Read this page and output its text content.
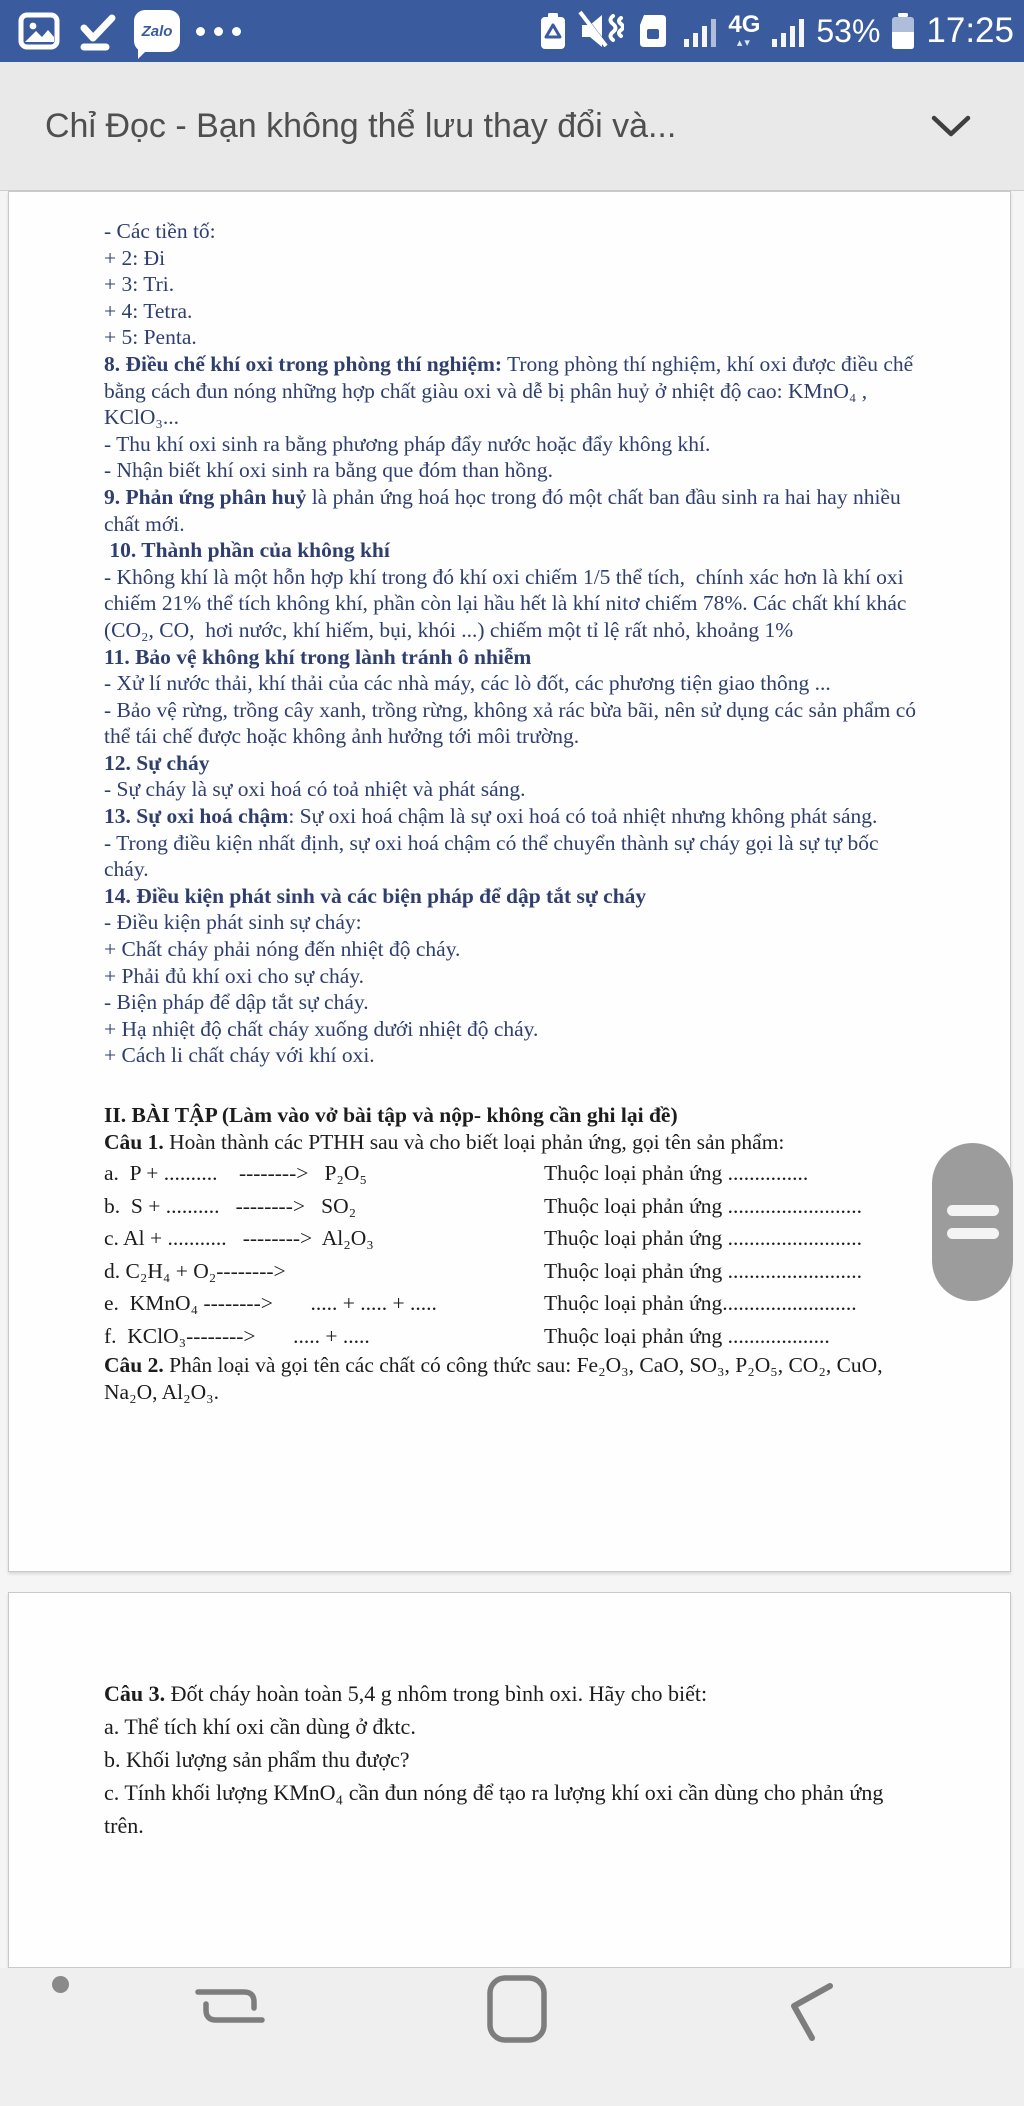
Zalo	4G
▴▾ 53% 17:25
Chỉ Đọc - Bạn không thể lưu thay đổi và...

- Các tiền tố:

+ 2: Đi

+ 3: Tri.

+ 4: Tetra.

+ 5: Penta.

8. Điều chế khí oxi trong phòng thí nghiệm: Trong phòng thí nghiệm, khí oxi được điều chế bằng cách đun nóng những hợp chất giàu oxi và dễ bị phân huỷ ở nhiệt độ cao: KMnO₄ , KClO₃...

- Thu khí oxi sinh ra bằng phương pháp đẩy nước hoặc đẩy không khí.

- Nhận biết khí oxi sinh ra bằng que đóm than hồng.

9. Phản ứng phân huỷ là phản ứng hoá học trong đó một chất ban đầu sinh ra hai hay nhiều chất mới.

10. Thành phần của không khí

- Không khí là một hỗn hợp khí trong đó khí oxi chiếm 1/5 thể tích,  chính xác hơn là khí oxi chiếm 21% thể tích không khí, phần còn lại hầu hết là khí nitơ chiếm 78%. Các chất khí khác (CO₂, CO,  hơi nước, khí hiếm, bụi, khói ...) chiếm một tỉ lệ rất nhỏ, khoảng 1%

11. Bảo vệ không khí trong lành tránh ô nhiễm

- Xử lí nước thải, khí thải của các nhà máy, các lò đốt, các phương tiện giao thông ...

- Bảo vệ rừng, trồng cây xanh, trồng rừng, không xả rác bừa bãi, nên sử dụng các sản phẩm có thể tái chế được hoặc không ảnh hưởng tới môi trường.

12. Sự cháy

- Sự cháy là sự oxi hoá có toả nhiệt và phát sáng.

13. Sự oxi hoá chậm: Sự oxi hoá chậm là sự oxi hoá có toả nhiệt nhưng không phát sáng.

- Trong điều kiện nhất định, sự oxi hoá chậm có thể chuyển thành sự cháy gọi là sự tự bốc cháy.

14. Điều kiện phát sinh và các biện pháp để dập tắt sự cháy

- Điều kiện phát sinh sự cháy:

+ Chất cháy phải nóng đến nhiệt độ cháy.

+ Phải đủ khí oxi cho sự cháy.

- Biện pháp để dập tắt sự cháy.

+ Hạ nhiệt độ chất cháy xuống dưới nhiệt độ cháy.

+ Cách li chất cháy với khí oxi.

II. BÀI TẬP (Làm vào vở bài tập và nộp- không cần ghi lại đề)

Câu 1. Hoàn thành các PTHH sau và cho biết loại phản ứng, gọi tên sản phẩm:

a.  P + ..........    -------->   P₂O₅	Thuộc loại phản ứng ...............
b.  S + ..........   -------->   SO₂	Thuộc loại phản ứng .........................
c. Al + ...........   -------->  Al₂O₃	Thuộc loại phản ứng .........................
d. C₂H₄ + O₂-------->	Thuộc loại phản ứng .........................
e.  KMnO₄ -------->       ..... + ..... + .....	Thuộc loại phản ứng.........................
f.  KClO₃-------->       ..... + .....	Thuộc loại phản ứng ...................

Câu 2. Phân loại và gọi tên các chất có công thức sau: Fe₂O₃, CaO, SO₃, P₂O₅, CO₂, CuO, Na₂O, Al₂O₃.

Câu 3. Đốt cháy hoàn toàn 5,4 g nhôm trong bình oxi. Hãy cho biết:

a. Thể tích khí oxi cần dùng ở đktc.

b. Khối lượng sản phẩm thu được?

c. Tính khối lượng KMnO₄ cần đun nóng để tạo ra lượng khí oxi cần dùng cho phản ứng trên.
